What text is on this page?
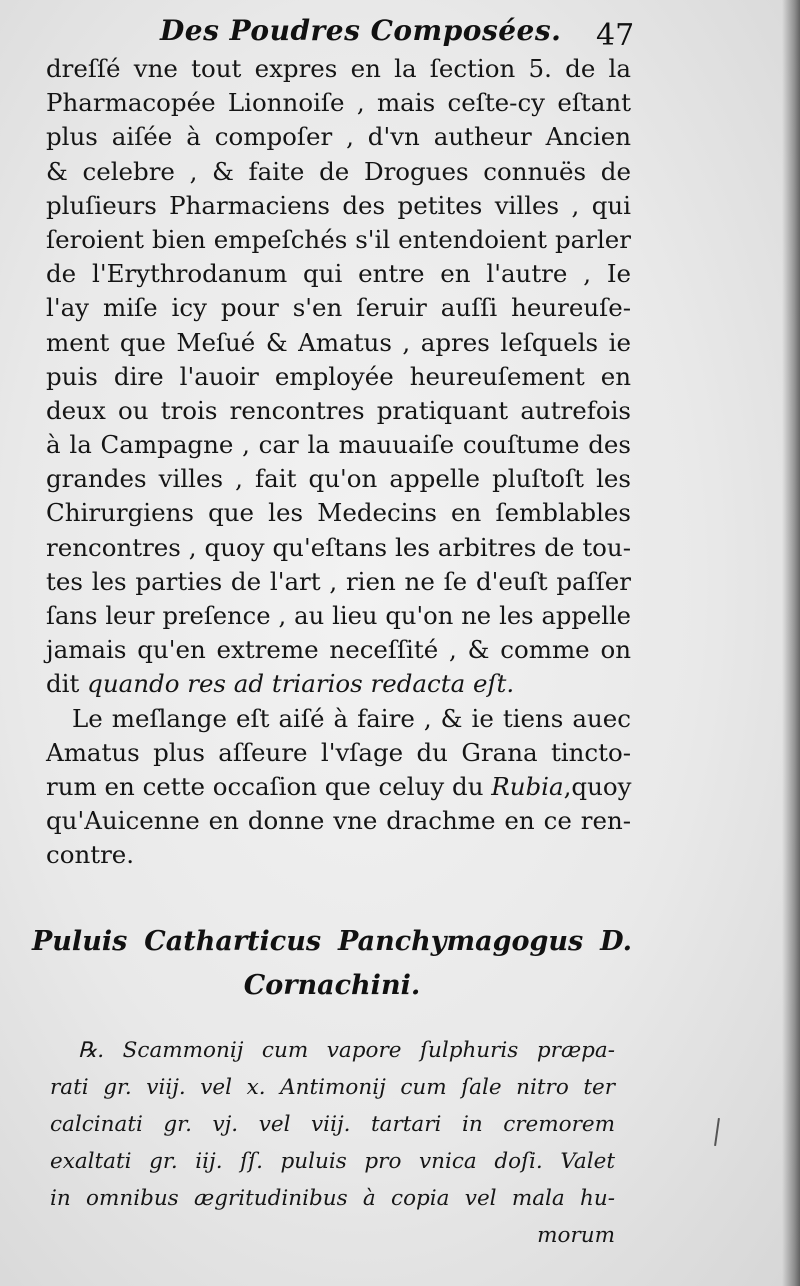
Des Poudres Composées. 47
dreſſé vne tout expres en la ſection 5. de la
Pharmacopée Lionnoiſe , mais ceſte-cy eſtant
plus aiſée à compoſer , d'vn autheur Ancien
& celebre , & faite de Drogues connuës de
pluſieurs Pharmaciens des petites villes , qui
ſeroient bien empeſchés s'il entendoient parler
de l'Erythrodanum qui entre en l'autre , Ie
l'ay miſe icy pour s'en ſeruir auſſi heureuſe-
ment que Meſué & Amatus , apres leſquels ie
puis dire l'auoir employée heureuſement en
deux ou trois rencontres pratiquant autrefois
à la Campagne , car la mauuaiſe couſtume des
grandes villes , fait qu'on appelle pluſtoſt les
Chirurgiens que les Medecins en ſemblables
rencontres , quoy qu'eſtans les arbitres de tou-
tes les parties de l'art , rien ne ſe d'euſt paſſer
ſans leur preſence , au lieu qu'on ne les appelle
jamais qu'en extreme neceſſité , & comme on
dit quando res ad triarios redacta eſt.
Le meſlange eſt aiſé à faire , & ie tiens auec
Amatus plus aſſeure l'vſage du Grana tincto-
rum en cette occaſion que celuy du Rubia,quoy
qu'Auicenne en donne vne drachme en ce ren-
contre.
Puluis Catharticus Panchymagogus D.
Cornachini.
℞. Scammonij cum vapore ſulphuris præpa-
rati gr. viij. vel x. Antimonij cum ſale nitro ter
calcinati gr. vj. vel viij. tartari in cremorem
exaltati gr. iij. ſſ. puluis pro vnica doſi. Valet
in omnibus ægritudinibus à copia vel mala hu-
morum
